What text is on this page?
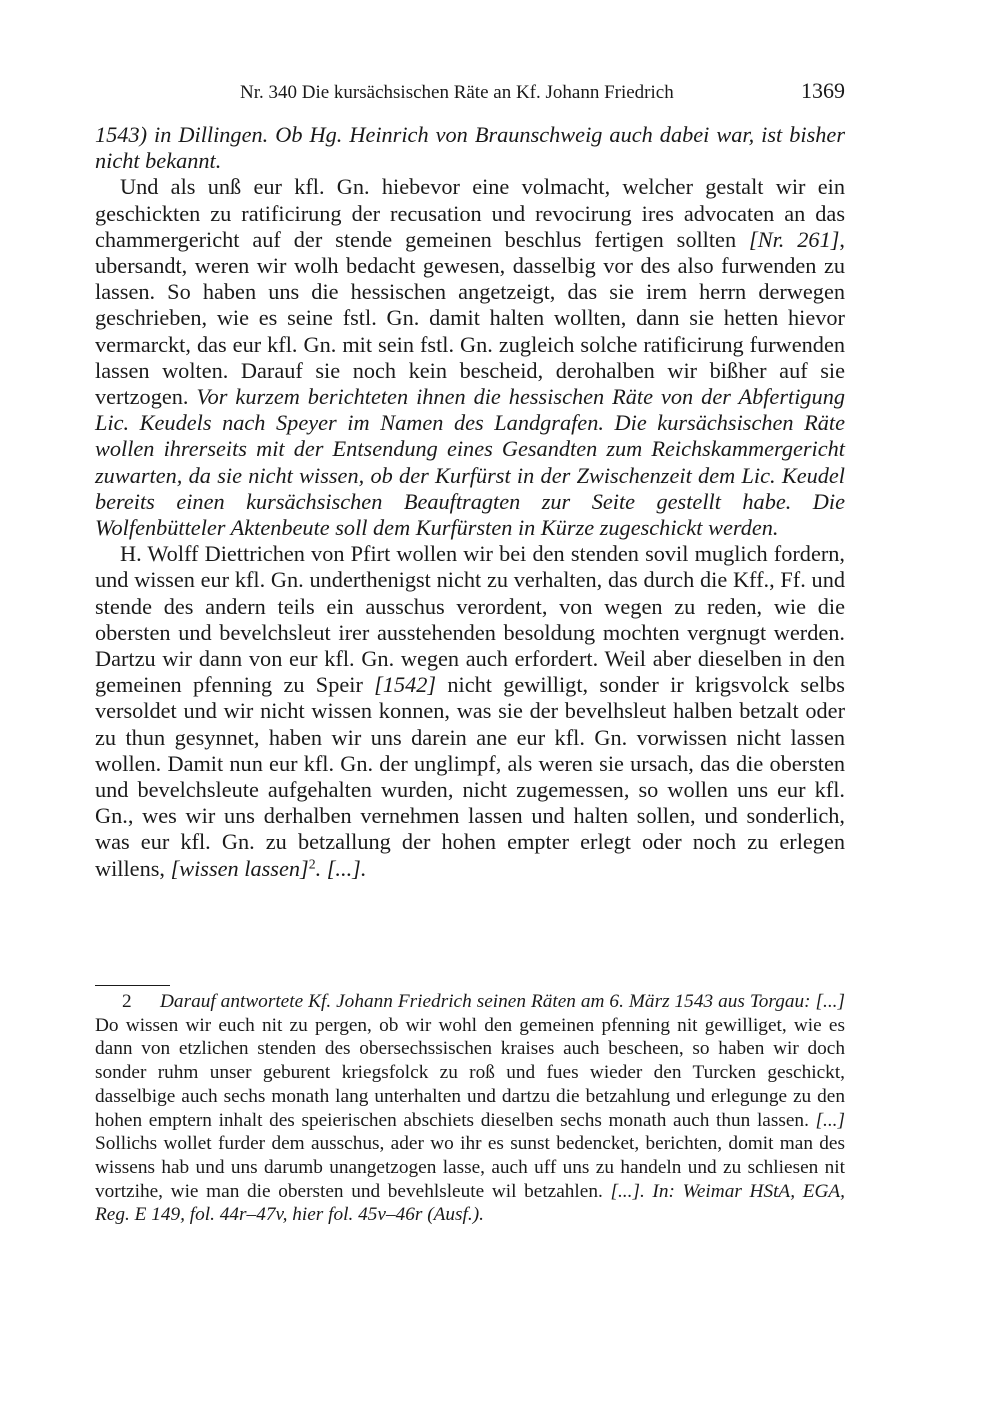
Nr. 340 Die kursächsischen Räte an Kf. Johann Friedrich	1369

1543) in Dillingen. Ob Hg. Heinrich von Braunschweig auch dabei war, ist bisher nicht bekannt.

Und als unß eur kfl. Gn. hiebevor eine volmacht, welcher gestalt wir ein geschickten zu ratificirung der recusation und revocirung ires advocaten an das chammergericht auf der stende gemeinen beschlus fertigen sollten [Nr. 261], ubersandt, weren wir wolh bedacht gewesen, dasselbig vor des also furwenden zu lassen. So haben uns die hessischen angetzeigt, das sie irem herrn derwegen geschrieben, wie es seine fstl. Gn. damit halten wollten, dann sie hetten hievor vermarckt, das eur kfl. Gn. mit sein fstl. Gn. zugleich solche ratificirung furwenden lassen wolten. Darauf sie noch kein bescheid, derohalben wir bißher auf sie vertzogen. Vor kurzem berichteten ihnen die hessischen Räte von der Abfertigung Lic. Keudels nach Speyer im Namen des Landgrafen. Die kursächsischen Räte wollen ihrerseits mit der Entsendung eines Gesandten zum Reichskammergericht zuwarten, da sie nicht wissen, ob der Kurfürst in der Zwischenzeit dem Lic. Keudel bereits einen kursächsischen Beauftragten zur Seite gestellt habe. Die Wolfenbütteler Aktenbeute soll dem Kurfürsten in Kürze zugeschickt werden.

H. Wolff Diettrichen von Pfirt wollen wir bei den stenden sovil muglich fordern, und wissen eur kfl. Gn. underthenigst nicht zu verhalten, das durch die Kff., Ff. und stende des andern teils ein ausschus verordent, von wegen zu reden, wie die obersten und bevelchsleut irer ausstehenden besoldung mochten vergnugt werden. Dartzu wir dann von eur kfl. Gn. wegen auch erfordert. Weil aber dieselben in den gemeinen pfenning zu Speir [1542] nicht gewilligt, sonder ir krigsvolck selbs versoldet und wir nicht wissen konnen, was sie der bevelhsleut halben betzalt oder zu thun gesynnet, haben wir uns darein ane eur kfl. Gn. vorwissen nicht lassen wollen. Damit nun eur kfl. Gn. der unglimpf, als weren sie ursach, das die obersten und bevelchsleute aufgehalten wurden, nicht zugemessen, so wollen uns eur kfl. Gn., wes wir uns derhalben vernehmen lassen und halten sollen, und sonderlich, was eur kfl. Gn. zu betzallung der hohen empter erlegt oder noch zu erlegen willens, [wissen lassen]$^2$. [...].

2 Darauf antwortete Kf. Johann Friedrich seinen Räten am 6. März 1543 aus Torgau: [...] Do wissen wir euch nit zu pergen, ob wir wohl den gemeinen pfenning nit gewilliget, wie es dann von etzlichen stenden des obersechssischen kraises auch bescheen, so haben wir doch sonder ruhm unser geburent kriegsfolck zu roß und fues wieder den Turcken geschickt, dasselbige auch sechs monath lang unterhalten und dartzu die betzahlung und erlegunge zu den hohen emptern inhalt des speierischen abschiets dieselben sechs monath auch thun lassen. [...] Sollichs wollet furder dem ausschus, ader wo ihr es sunst bedencket, berichten, domit man des wissens hab und uns darumb unangetzogen lasse, auch uff uns zu handeln und zu schliesen nit vortzihe, wie man die obersten und bevehlsleute wil betzahlen. [...]. In: Weimar HStA, EGA, Reg. E 149, fol. 44r–47v, hier fol. 45v–46r (Ausf.).
